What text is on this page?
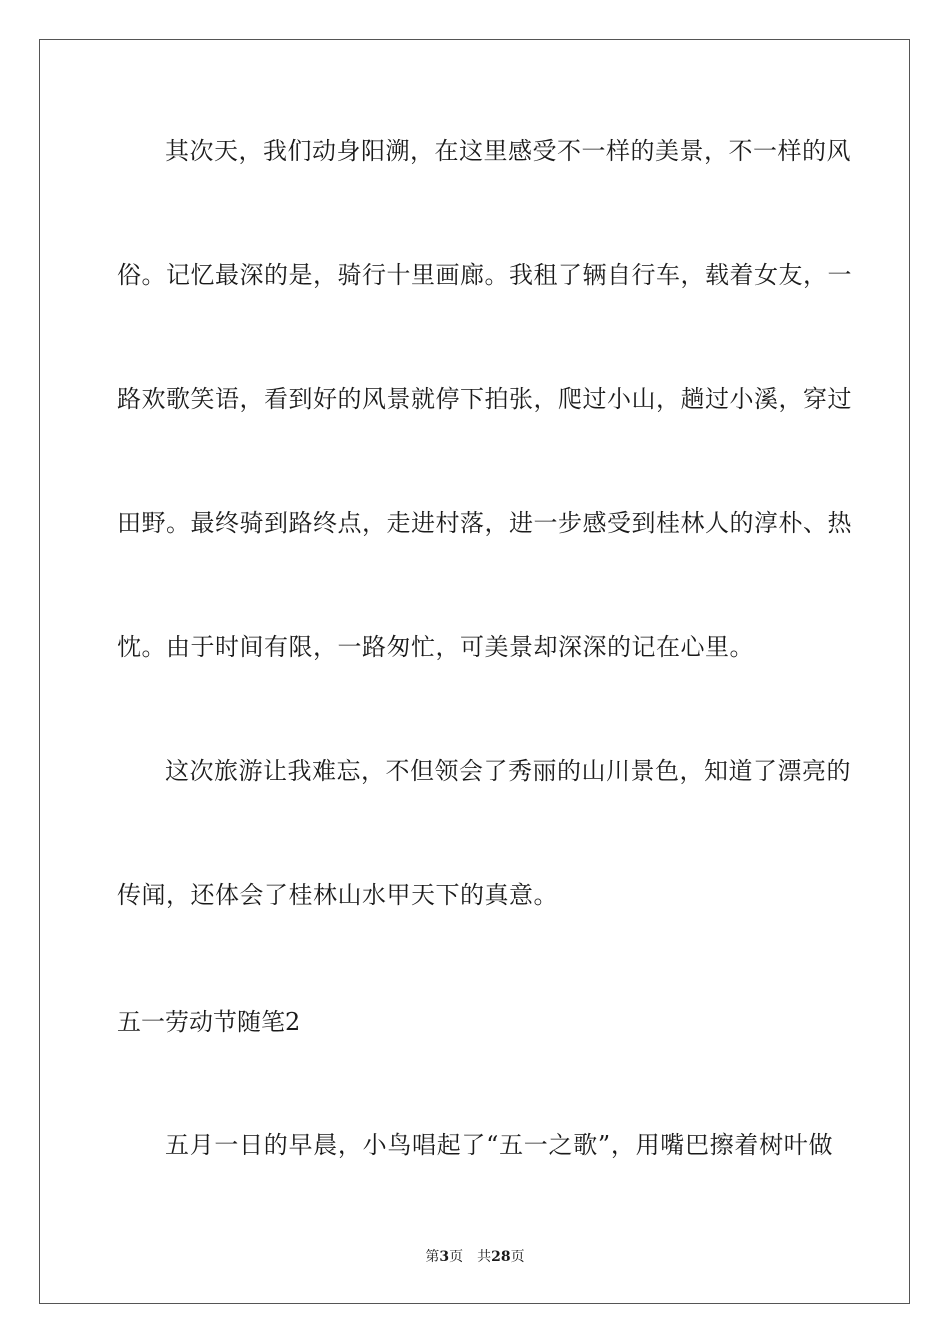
其次天，我们动身阳溯，在这里感受不一样的美景，不一样的风
俗。记忆最深的是，骑行十里画廊。我租了辆自行车，载着女友，一
路欢歌笑语，看到好的风景就停下拍张，爬过小山，趟过小溪，穿过
田野。最终骑到路终点，走进村落，进一步感受到桂林人的淳朴、热
忱。由于时间有限，一路匆忙，可美景却深深的记在心里。
这次旅游让我难忘，不但领会了秀丽的山川景色，知道了漂亮的
传闻，还体会了桂林山水甲天下的真意。
五一劳动节随笔2
五月一日的早晨，小鸟唱起了“五一之歌”，用嘴巴擦着树叶做
第3页 共28页
